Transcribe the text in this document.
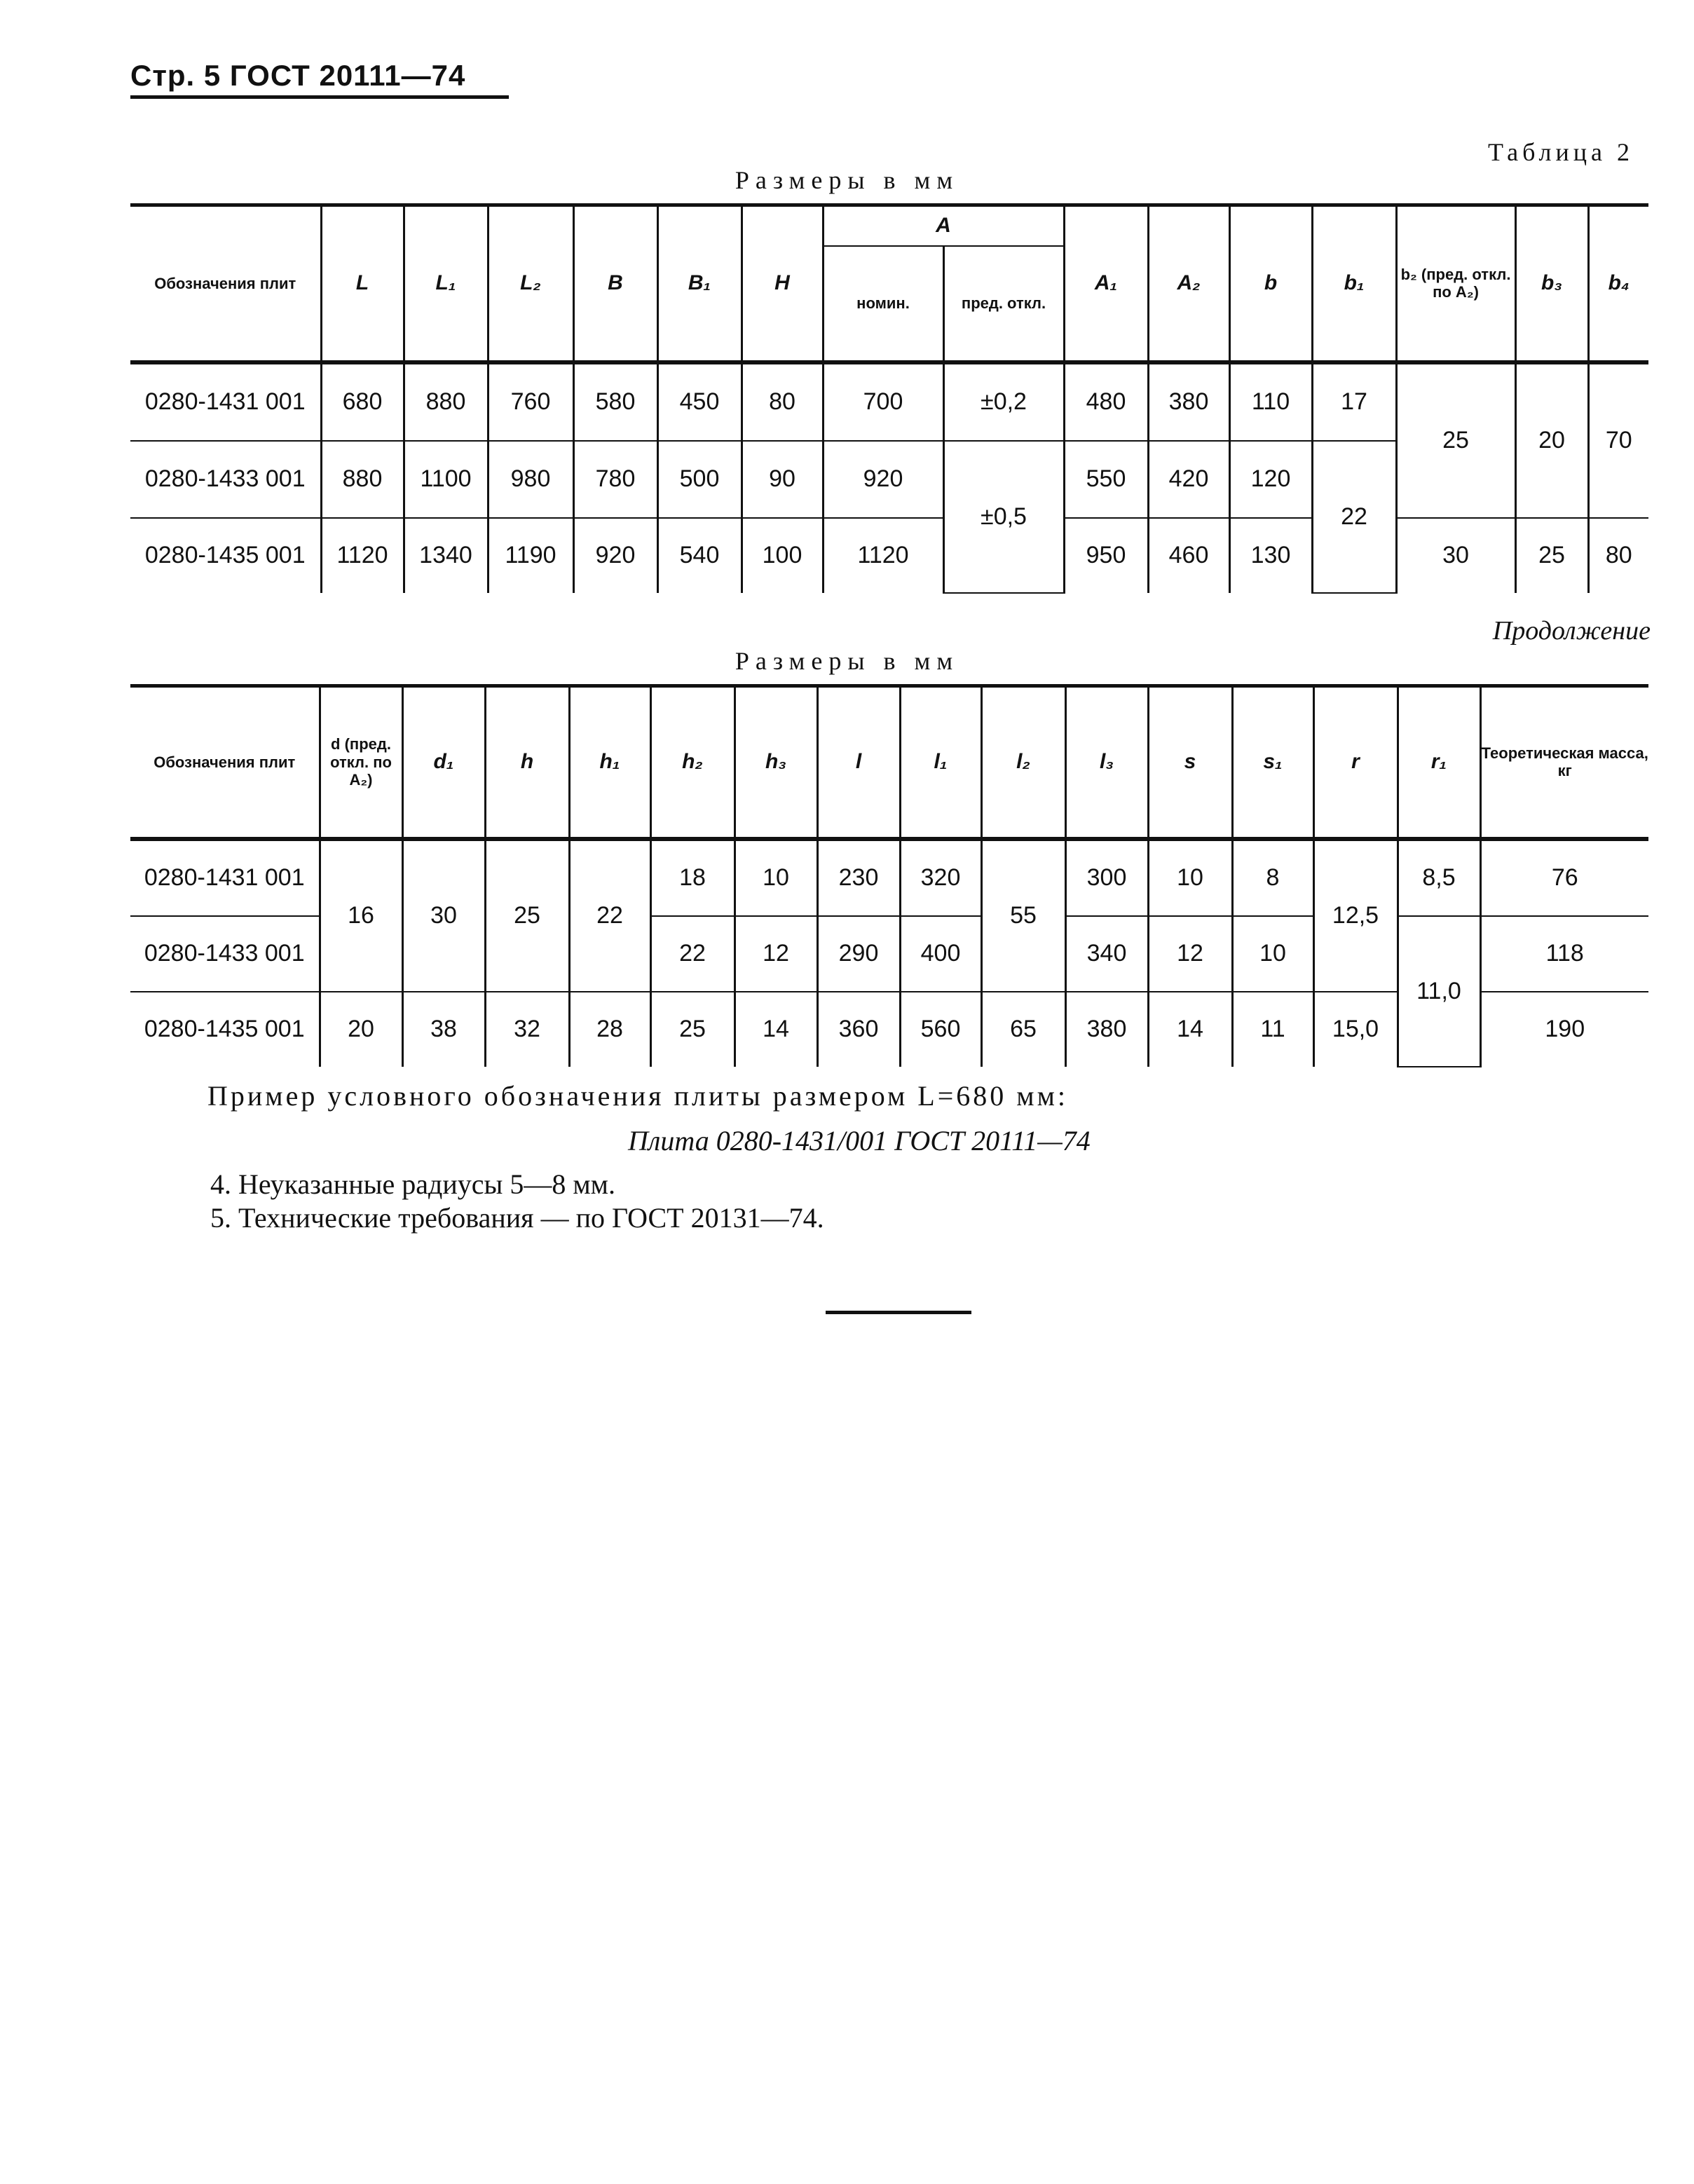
Стр. 5 ГОСТ 20111—74
Таблица 2
Размеры в мм
Обозначения плит	L	L₁	L₂	B	B₁	H	A		A₁	A₂	b	b₁	b₂ (пред. откл. по A₂)	b₃	b₄
							номин.	пред. откл.							
0280-1431 001	680	880	760	580	450	80	700	±0,2	480	380	110	17	25	20	70
0280-1433 001	880	1100	980	780	500	90	920	±0,5	550	420	120	22			
0280-1435 001	1120	1340	1190	920	540	100	1120		950	460	130		30	25	80
Продолжение
Размеры в мм
Обозначения плит	d (пред. откл. по A₂)	d₁	h	h₁	h₂	h₃	l	l₁	l₂	l₃	s	s₁	r	r₁	Теоретическая масса, кг
0280-1431 001	16	30	25	22	18	10	230	320	55	300	10	8	12,5	8,5	76
0280-1433 001					22	12	290	400		340	12	10		11,0	118
0280-1435 001	20	38	32	28	25	14	360	560	65	380	14	11	15,0		190
Пример условного обозначения плиты размером L=680 мм:
Плита 0280-1431/001 ГОСТ 20111—74
4. Неуказанные радиусы 5—8 мм.
5. Технические требования — по ГОСТ 20131—74.
